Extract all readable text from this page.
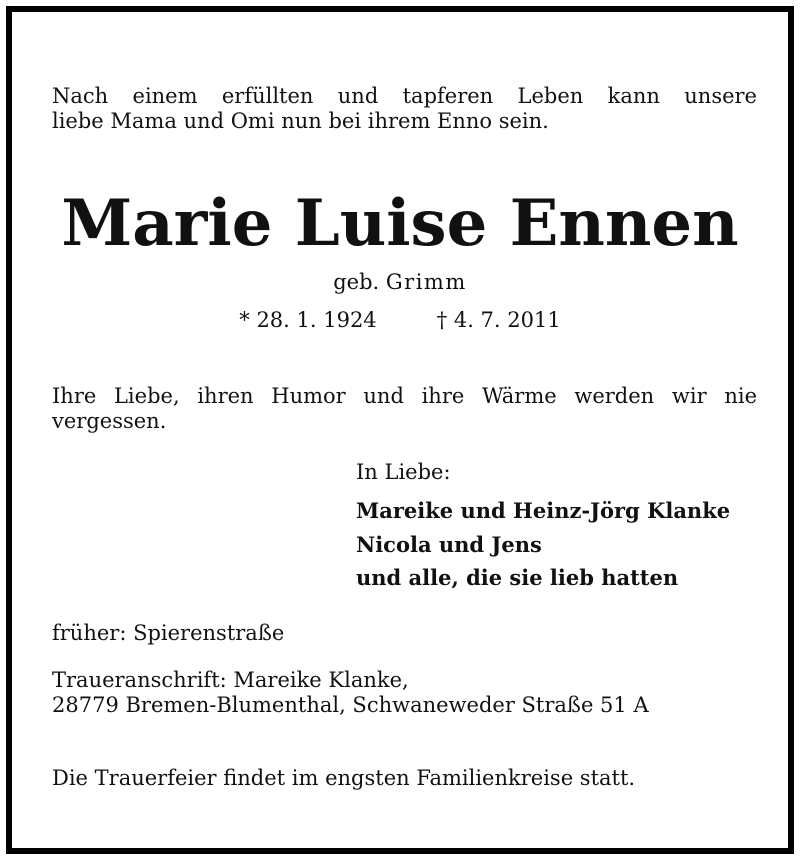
Nach einem erfüllten und tapferen Leben kann unsere

liebe Mama und Omi nun bei ihrem Enno sein.

Marie Luise Ennen
geb. Grimm
* 28. 1. 1924	† 4. 7. 2011

Ihre Liebe, ihren Humor und ihre Wärme werden wir nie

vergessen.

In Liebe:
Mareike und Heinz-Jörg Klanke
Nicola und Jens
und alle, die sie lieb hatten
früher: Spierenstraße
Traueranschrift: Mareike Klanke,
28779 Bremen-Blumenthal, Schwaneweder Straße 51 A
Die Trauerfeier findet im engsten Familienkreise statt.
